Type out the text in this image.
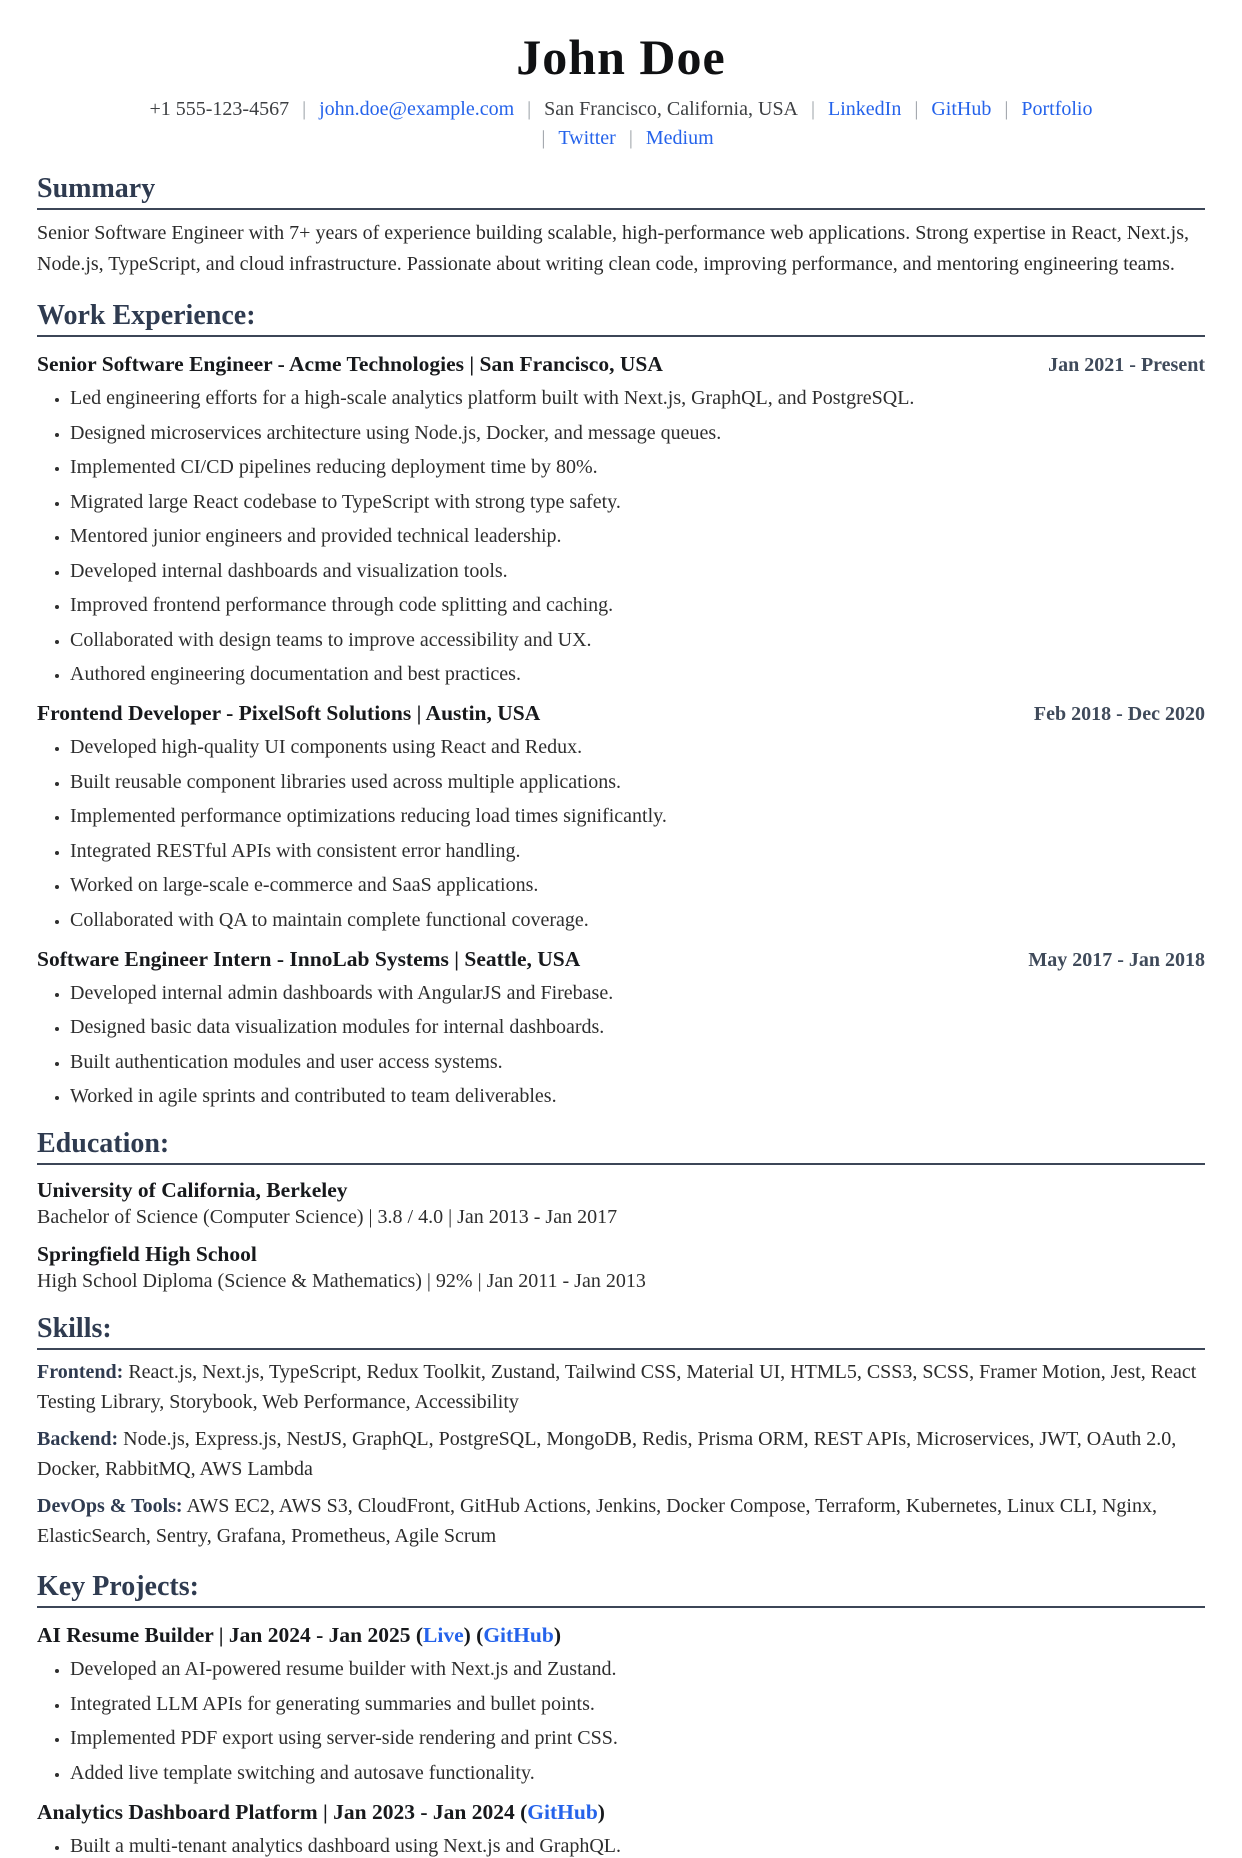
John Doe
+1 555-123-4567 | john.doe@example.com | San Francisco, California, USA | LinkedIn | GitHub | Portfolio
| Twitter | Medium
Summary

Senior Software Engineer with 7+ years of experience building scalable, high-performance web applications. Strong expertise in React, Next.js, Node.js, TypeScript, and cloud infrastructure. Passionate about writing clean code, improving performance, and mentoring engineering teams.

Work Experience:
Senior Software Engineer - Acme Technologies | San Francisco, USA	Jan 2021 - Present
• Led engineering efforts for a high-scale analytics platform built with Next.js, GraphQL, and PostgreSQL.
• Designed microservices architecture using Node.js, Docker, and message queues.
• Implemented CI/CD pipelines reducing deployment time by 80%.
• Migrated large React codebase to TypeScript with strong type safety.
• Mentored junior engineers and provided technical leadership.
• Developed internal dashboards and visualization tools.
• Improved frontend performance through code splitting and caching.
• Collaborated with design teams to improve accessibility and UX.
• Authored engineering documentation and best practices.
Frontend Developer - PixelSoft Solutions | Austin, USA	Feb 2018 - Dec 2020
• Developed high-quality UI components using React and Redux.
• Built reusable component libraries used across multiple applications.
• Implemented performance optimizations reducing load times significantly.
• Integrated RESTful APIs with consistent error handling.
• Worked on large-scale e-commerce and SaaS applications.
• Collaborated with QA to maintain complete functional coverage.
Software Engineer Intern - InnoLab Systems | Seattle, USA	May 2017 - Jan 2018
• Developed internal admin dashboards with AngularJS and Firebase.
• Designed basic data visualization modules for internal dashboards.
• Built authentication modules and user access systems.
• Worked in agile sprints and contributed to team deliverables.
Education:

University of California, Berkeley

Bachelor of Science (Computer Science) | 3.8 / 4.0 | Jan 2013 - Jan 2017

Springfield High School

High School Diploma (Science & Mathematics) | 92% | Jan 2011 - Jan 2013

Skills:

Frontend: React.js, Next.js, TypeScript, Redux Toolkit, Zustand, Tailwind CSS, Material UI, HTML5, CSS3, SCSS, Framer Motion, Jest, React Testing Library, Storybook, Web Performance, Accessibility

Backend: Node.js, Express.js, NestJS, GraphQL, PostgreSQL, MongoDB, Redis, Prisma ORM, REST APIs, Microservices, JWT, OAuth 2.0, Docker, RabbitMQ, AWS Lambda

DevOps & Tools: AWS EC2, AWS S3, CloudFront, GitHub Actions, Jenkins, Docker Compose, Terraform, Kubernetes, Linux CLI, Nginx, ElasticSearch, Sentry, Grafana, Prometheus, Agile Scrum

Key Projects:

AI Resume Builder | Jan 2024 - Jan 2025 (Live) (GitHub)

• Developed an AI-powered resume builder with Next.js and Zustand.
• Integrated LLM APIs for generating summaries and bullet points.
• Implemented PDF export using server-side rendering and print CSS.
• Added live template switching and autosave functionality.

Analytics Dashboard Platform | Jan 2023 - Jan 2024 (GitHub)

• Built a multi-tenant analytics dashboard using Next.js and GraphQL.
